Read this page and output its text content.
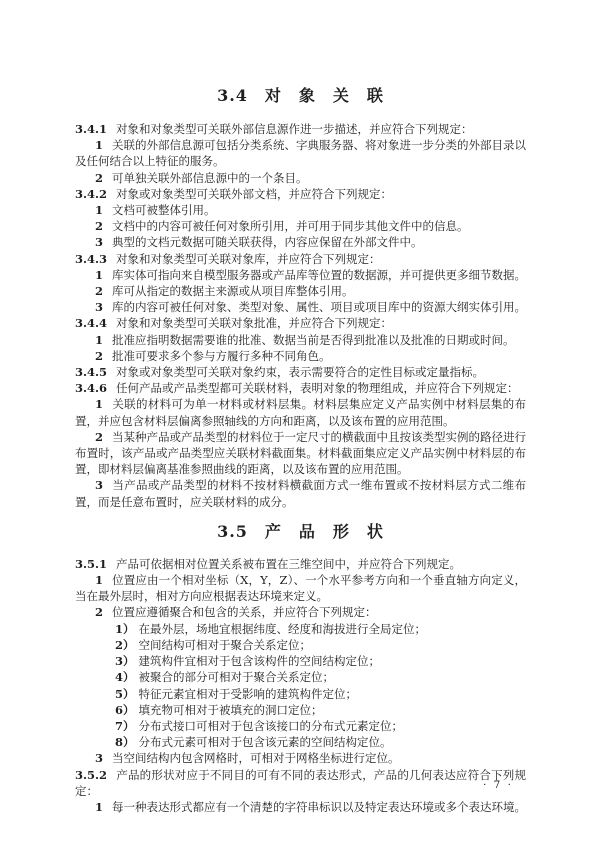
3.4　对　象　关　联

3.4.1 对象和对象类型可关联外部信息源作进一步描述，并应符合下列规定：

1 关联的外部信息源可包括分类系统、字典服务器、将对象进一步分类的外部目录以及任何结合以上特征的服务。

2 可单独关联外部信息源中的一个条目。

3.4.2 对象或对象类型可关联外部文档，并应符合下列规定：

1 文档可被整体引用。

2 文档中的内容可被任何对象所引用，并可用于同步其他文件中的信息。

3 典型的文档元数据可随关联获得，内容应保留在外部文件中。

3.4.3 对象和对象类型可关联对象库，并应符合下列规定：

1 库实体可指向来自模型服务器或产品库等位置的数据源，并可提供更多细节数据。

2 库可从指定的数据主来源或从项目库整体引用。

3 库的内容可被任何对象、类型对象、属性、项目或项目库中的资源大纲实体引用。

3.4.4 对象和对象类型可关联对象批准，并应符合下列规定：

1 批准应指明数据需要谁的批准、数据当前是否得到批准以及批准的日期或时间。

2 批准可要求多个参与方履行多种不同角色。

3.4.5 对象或对象类型可关联对象约束，表示需要符合的定性目标或定量指标。

3.4.6 任何产品或产品类型都可关联材料，表明对象的物理组成，并应符合下列规定：

1 关联的材料可为单一材料或材料层集。材料层集应定义产品实例中材料层集的布置，并应包含材料层偏离参照轴线的方向和距离，以及该布置的应用范围。

2 当某种产品或产品类型的材料位于一定尺寸的横截面中且按该类型实例的路径进行布置时，该产品或产品类型应关联材料截面集。材料截面集应定义产品实例中材料层的布置，即材料层偏离基准参照曲线的距离，以及该布置的应用范围。

3 当产品或产品类型的材料不按材料横截面方式一维布置或不按材料层方式二维布置，而是任意布置时，应关联材料的成分。

3.5　产　品　形　状

3.5.1 产品可依据相对位置关系被布置在三维空间中，并应符合下列规定。

1 位置应由一个相对坐标（X，Y，Z）、一个水平参考方向和一个垂直轴方向定义，当在最外层时，相对方向应根据表达环境来定义。

2 位置应遵循聚合和包含的关系，并应符合下列规定：

1） 在最外层，场地宜根据纬度、经度和海拔进行全局定位；

2） 空间结构可相对于聚合关系定位；

3） 建筑构件宜相对于包含该构件的空间结构定位；

4） 被聚合的部分可相对于聚合关系定位；

5） 特征元素宜相对于受影响的建筑构件定位；

6） 填充物可相对于被填充的洞口定位；

7） 分布式接口可相对于包含该接口的分布式元素定位；

8） 分布式元素可相对于包含该元素的空间结构定位。

3 当空间结构内包含网格时，可相对于网格坐标进行定位。

3.5.2 产品的形状对应于不同目的可有不同的表达形式，产品的几何表达应符合下列规定：

1 每一种表达形式都应有一个清楚的字符串标识以及特定表达环境或多个表达环境。

· 7 ·
